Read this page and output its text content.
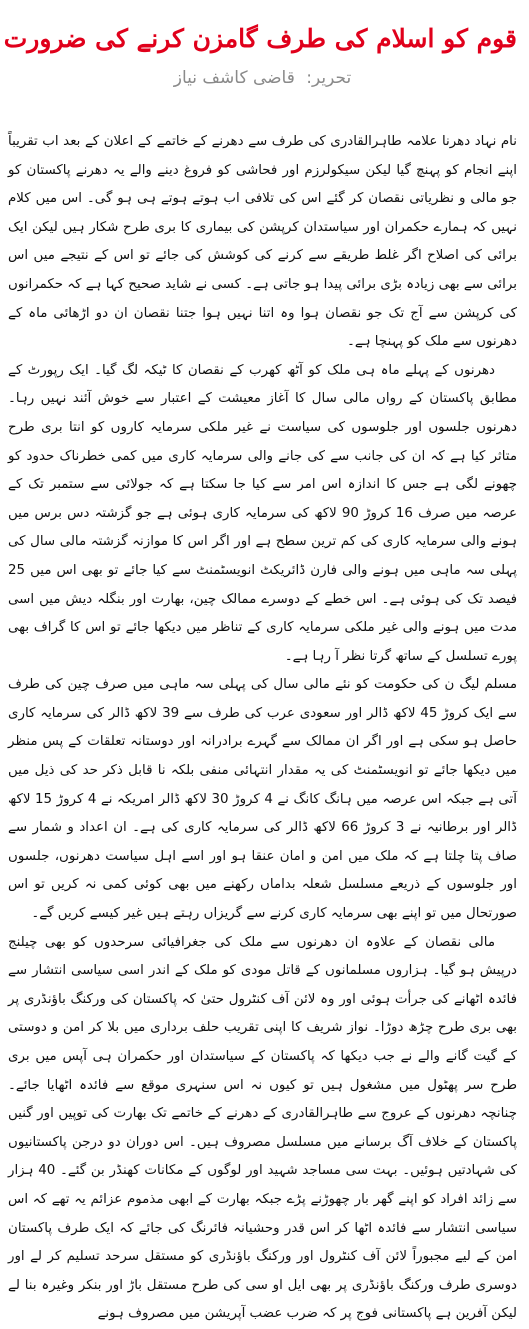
قوم کو اسلام کی طرف گامزن کرنے کی ضرورت
تحریر: قاضی کاشف نیاز

نام نہاد دھرنا علامہ طاہرالقادری کی طرف سے دھرنے کے خاتمے کے اعلان کے بعد اب تقریباً اپنے انجام کو پہنچ گیا لیکن سیکولرزم اور فحاشی کو فروغ دینے والے یہ دھرنے پاکستان کو جو مالی و نظریاتی نقصان کر گئے اس کی تلافی اب ہوتے ہوتے ہی ہو گی۔ اس میں کلام نہیں کہ ہمارے حکمران اور سیاستدان کرپشن کی بیماری کا بری طرح شکار ہیں لیکن ایک برائی کی اصلاح اگر غلط طریقے سے کرنے کی کوشش کی جائے تو اس کے نتیجے میں اس برائی سے بھی زیادہ بڑی برائی پیدا ہو جاتی ہے۔ کسی نے شاید صحیح کہا ہے کہ حکمرانوں کی کرپشن سے آج تک جو نقصان ہوا وہ اتنا نہیں ہوا جتنا نقصان ان دو اڑھائی ماہ کے دھرنوں سے ملک کو پہنچا ہے۔

دھرنوں کے پہلے ماہ ہی ملک کو آٹھ کھرب کے نقصان کا ٹیکہ لگ گیا۔ ایک رپورٹ کے مطابق پاکستان کے رواں مالی سال کا آغاز معیشت کے اعتبار سے خوش آئند نہیں رہا۔ دھرنوں جلسوں اور جلوسوں کی سیاست نے غیر ملکی سرمایہ کاروں کو انتا بری طرح متاثر کیا ہے کہ ان کی جانب سے کی جانے والی سرمایہ کاری میں کمی خطرناک حدود کو چھونے لگی ہے جس کا اندازہ اس امر سے کیا جا سکتا ہے کہ جولائی سے ستمبر تک کے عرصہ میں صرف 16 کروڑ 90 لاکھ کی سرمایہ کاری ہوئی ہے جو گزشتہ دس برس میں ہونے والی سرمایہ کاری کی کم ترین سطح ہے اور اگر اس کا موازنہ گزشتہ مالی سال کی پہلی سہ ماہی میں ہونے والی فارن ڈائریکٹ انویسٹمنٹ سے کیا جائے تو بھی اس میں 25 فیصد تک کی ہوئی ہے۔ اس خطے کے دوسرے ممالک چین، بھارت اور بنگلہ دیش میں اسی مدت میں ہونے والی غیر ملکی سرمایہ کاری کے تناظر میں دیکھا جائے تو اس کا گراف بھی پورے تسلسل کے ساتھ گرتا نظر آ رہا ہے۔

مسلم لیگ ن کی حکومت کو نئے مالی سال کی پہلی سہ ماہی میں صرف چین کی طرف سے ایک کروڑ 45 لاکھ ڈالر اور سعودی عرب کی طرف سے 39 لاکھ ڈالر کی سرمایہ کاری حاصل ہو سکی ہے اور اگر ان ممالک سے گہرے برادرانہ اور دوستانہ تعلقات کے پس منظر میں دیکھا جائے تو انویسٹمنٹ کی یہ مقدار انتہائی منفی بلکہ نا قابل ذکر حد کی ذیل میں آتی ہے جبکہ اس عرصہ میں ہانگ کانگ نے 4 کروڑ 30 لاکھ ڈالر امریکہ نے 4 کروڑ 15 لاکھ ڈالر اور برطانیہ نے 3 کروڑ 66 لاکھ ڈالر کی سرمایہ کاری کی ہے۔ ان اعداد و شمار سے صاف پتا چلتا ہے کہ ملک میں امن و امان عنقا ہو اور اسے اہل سیاست دھرنوں، جلسوں اور جلوسوں کے ذریعے مسلسل شعلہ بداماں رکھنے میں بھی کوئی کمی نہ کریں تو اس صورتحال میں تو اپنے بھی سرمایہ کاری کرنے سے گریزاں رہتے ہیں غیر کیسے کریں گے۔

مالی نقصان کے علاوہ ان دھرنوں سے ملک کی جغرافیائی سرحدوں کو بھی چیلنج درپیش ہو گیا۔ ہزاروں مسلمانوں کے قاتل مودی کو ملک کے اندر اسی سیاسی انتشار سے فائدہ اٹھانے کی جرأت ہوئی اور وہ لائن آف کنٹرول حتیٰ کہ پاکستان کی ورکنگ باؤنڈری پر بھی بری طرح چڑھ دوڑا۔ نواز شریف کا اپنی تقریب حلف برداری میں بلا کر امن و دوستی کے گیت گانے والے نے جب دیکھا کہ پاکستان کے سیاستدان اور حکمران ہی آپس میں بری طرح سر پھٹول میں مشغول ہیں تو کیوں نہ اس سنہری موقع سے فائدہ اٹھایا جائے۔ چنانچہ دھرنوں کے عروج سے طاہرالقادری کے دھرنے کے خاتمے تک بھارت کی توپیں اور گنیں پاکستان کے خلاف آگ برسانے میں مسلسل مصروف ہیں۔ اس دوران دو درجن پاکستانیوں کی شہادتیں ہوئیں۔ بہت سی مساجد شہید اور لوگوں کے مکانات کھنڈر بن گئے۔ 40 ہزار سے زائد افراد کو اپنے گھر بار چھوڑنے پڑے جبکہ بھارت کے ابھی مذموم عزائم یہ تھے کہ اس سیاسی انتشار سے فائدہ اٹھا کر اس قدر وحشیانہ فائرنگ کی جائے کہ ایک طرف پاکستان امن کے لیے مجبوراً لائن آف کنٹرول اور ورکنگ باؤنڈری کو مستقل سرحد تسلیم کر لے اور دوسری طرف ورکنگ باؤنڈری پر بھی ایل او سی کی طرح مستقل باڑ اور بنکر وغیرہ بنا لے لیکن آفرین ہے پاکستانی فوج پر کہ ضرب عضب آپریشن میں مصروف ہونے
